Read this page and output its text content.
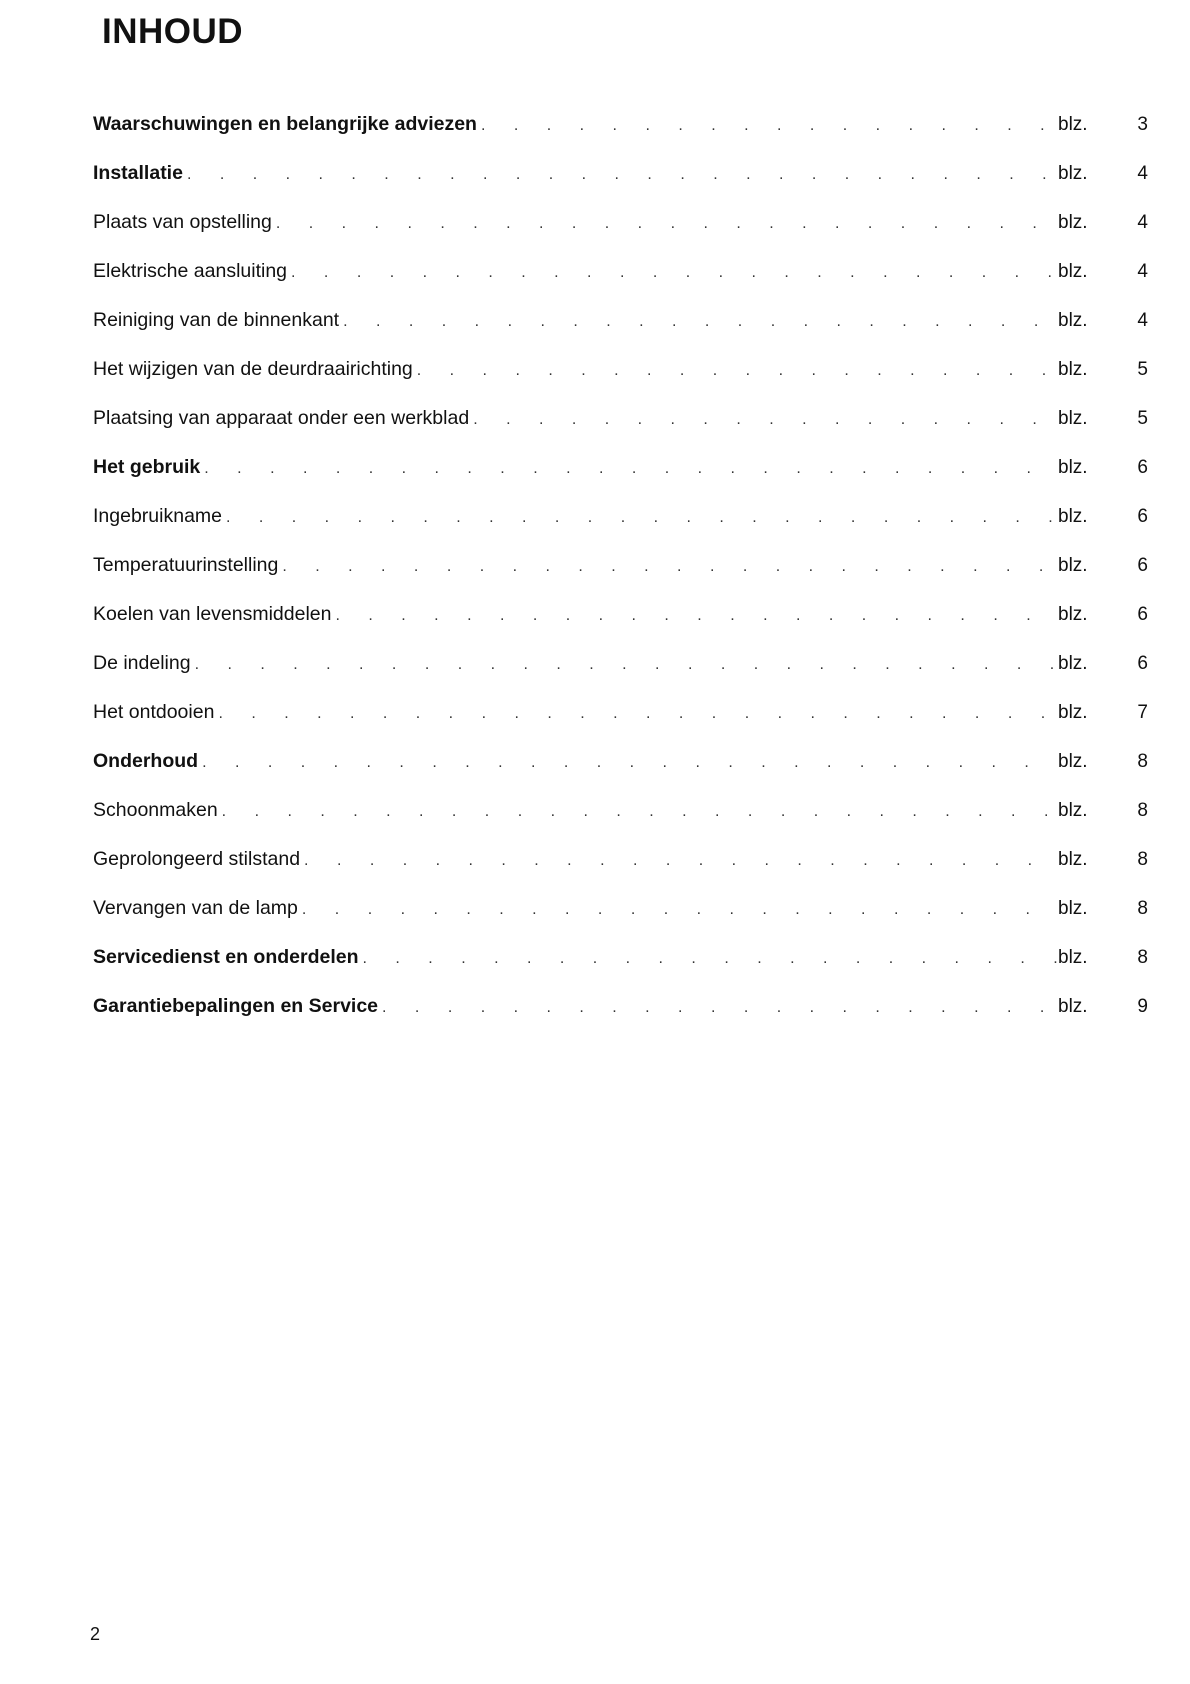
INHOUD
Waarschuwingen en belangrijke adviezen . . .	blz.	3
Installatie . . .	blz.	4
Plaats van opstelling . . .	blz.	4
Elektrische aansluiting . . .	blz.	4
Reiniging van de binnenkant . . .	blz.	4
Het wijzigen van de deurdraairichting . . .	blz.	5
Plaatsing van apparaat onder een werkblad . . .	blz.	5
Het gebruik . . .	blz.	6
Ingebruikname . . .	blz.	6
Temperatuurinstelling . . .	blz.	6
Koelen van levensmiddelen . . .	blz.	6
De indeling . . .	blz.	6
Het ontdooien . . .	blz.	7
Onderhoud . . .	blz.	8
Schoonmaken . . .	blz.	8
Geprolongeerd stilstand . . .	blz.	8
Vervangen van de lamp . . .	blz.	8
Servicedienst en onderdelen . . .	blz.	8
Garantiebepalingen en Service . . .	blz.	9

2
